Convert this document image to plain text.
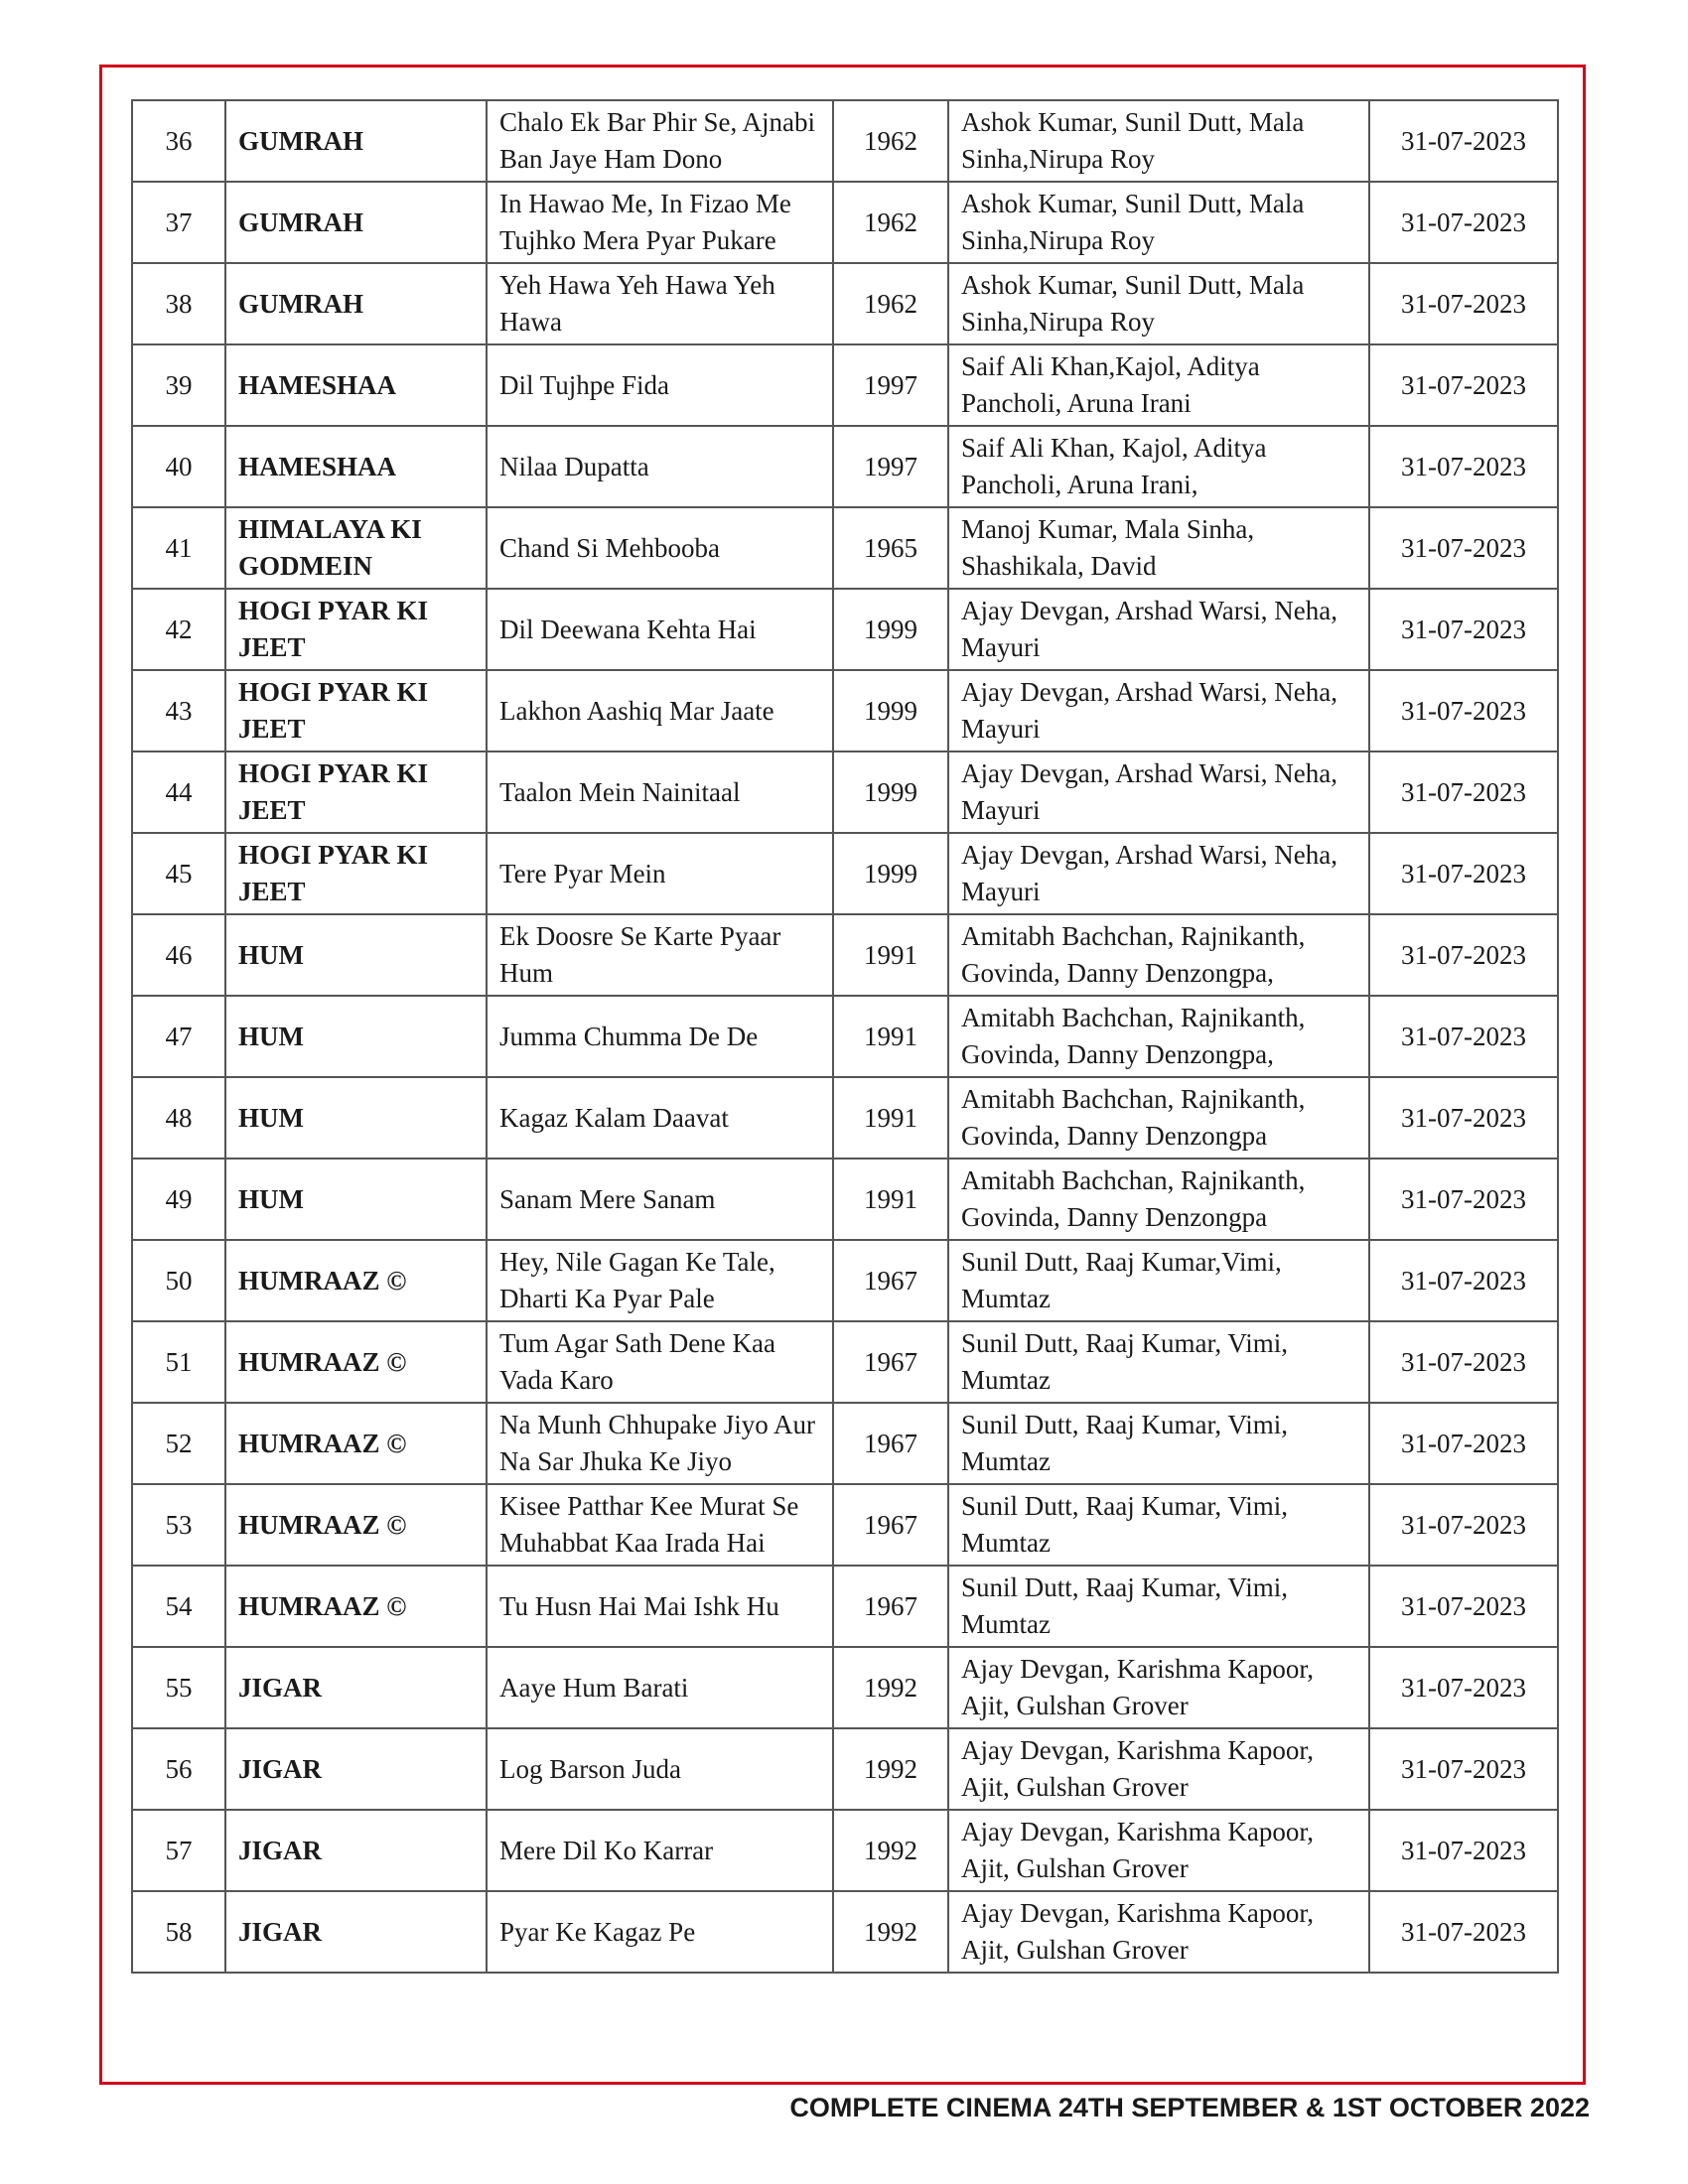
36	GUMRAH	Chalo Ek Bar Phir Se, Ajnabi Ban Jaye Ham Dono	1962	Ashok Kumar, Sunil Dutt, Mala Sinha,Nirupa Roy	31-07-2023
37	GUMRAH	In Hawao Me, In Fizao Me Tujhko Mera Pyar Pukare	1962	Ashok Kumar, Sunil Dutt, Mala Sinha,Nirupa Roy	31-07-2023
38	GUMRAH	Yeh Hawa Yeh Hawa Yeh Hawa	1962	Ashok Kumar, Sunil Dutt, Mala Sinha,Nirupa Roy	31-07-2023
39	HAMESHAA	Dil Tujhpe Fida	1997	Saif Ali Khan,Kajol, Aditya Pancholi, Aruna Irani	31-07-2023
40	HAMESHAA	Nilaa Dupatta	1997	Saif Ali Khan, Kajol, Aditya Pancholi, Aruna Irani,	31-07-2023
41	HIMALAYA KI GODMEIN	Chand Si Mehbooba	1965	Manoj Kumar, Mala Sinha, Shashikala, David	31-07-2023
42	HOGI PYAR KI JEET	Dil Deewana Kehta Hai	1999	Ajay Devgan, Arshad Warsi, Neha, Mayuri	31-07-2023
43	HOGI PYAR KI JEET	Lakhon Aashiq Mar Jaate	1999	Ajay Devgan, Arshad Warsi, Neha, Mayuri	31-07-2023
44	HOGI PYAR KI JEET	Taalon Mein Nainitaal	1999	Ajay Devgan, Arshad Warsi, Neha, Mayuri	31-07-2023
45	HOGI PYAR KI JEET	Tere Pyar Mein	1999	Ajay Devgan, Arshad Warsi, Neha, Mayuri	31-07-2023
46	HUM	Ek Doosre Se Karte Pyaar Hum	1991	Amitabh Bachchan, Rajnikanth, Govinda, Danny Denzongpa,	31-07-2023
47	HUM	Jumma Chumma De De	1991	Amitabh Bachchan, Rajnikanth, Govinda, Danny Denzongpa,	31-07-2023
48	HUM	Kagaz Kalam Daavat	1991	Amitabh Bachchan, Rajnikanth, Govinda, Danny Denzongpa	31-07-2023
49	HUM	Sanam Mere Sanam	1991	Amitabh Bachchan, Rajnikanth, Govinda, Danny Denzongpa	31-07-2023
50	HUMRAAZ ©	Hey, Nile Gagan Ke Tale, Dharti Ka Pyar Pale	1967	Sunil Dutt, Raaj Kumar,Vimi, Mumtaz	31-07-2023
51	HUMRAAZ ©	Tum Agar Sath Dene Kaa Vada Karo	1967	Sunil Dutt, Raaj Kumar, Vimi, Mumtaz	31-07-2023
52	HUMRAAZ ©	Na Munh Chhupake Jiyo Aur Na Sar Jhuka Ke Jiyo	1967	Sunil Dutt, Raaj Kumar, Vimi, Mumtaz	31-07-2023
53	HUMRAAZ ©	Kisee Patthar Kee Murat Se Muhabbat Kaa Irada Hai	1967	Sunil Dutt, Raaj Kumar, Vimi, Mumtaz	31-07-2023
54	HUMRAAZ ©	Tu Husn Hai Mai Ishk Hu	1967	Sunil Dutt, Raaj Kumar, Vimi, Mumtaz	31-07-2023
55	JIGAR	Aaye Hum Barati	1992	Ajay Devgan, Karishma Kapoor, Ajit, Gulshan Grover	31-07-2023
56	JIGAR	Log Barson Juda	1992	Ajay Devgan, Karishma Kapoor, Ajit, Gulshan Grover	31-07-2023
57	JIGAR	Mere Dil Ko Karrar	1992	Ajay Devgan, Karishma Kapoor, Ajit, Gulshan Grover	31-07-2023
58	JIGAR	Pyar Ke Kagaz Pe	1992	Ajay Devgan, Karishma Kapoor, Ajit, Gulshan Grover	31-07-2023
COMPLETE CINEMA 24TH SEPTEMBER & 1ST OCTOBER 2022
